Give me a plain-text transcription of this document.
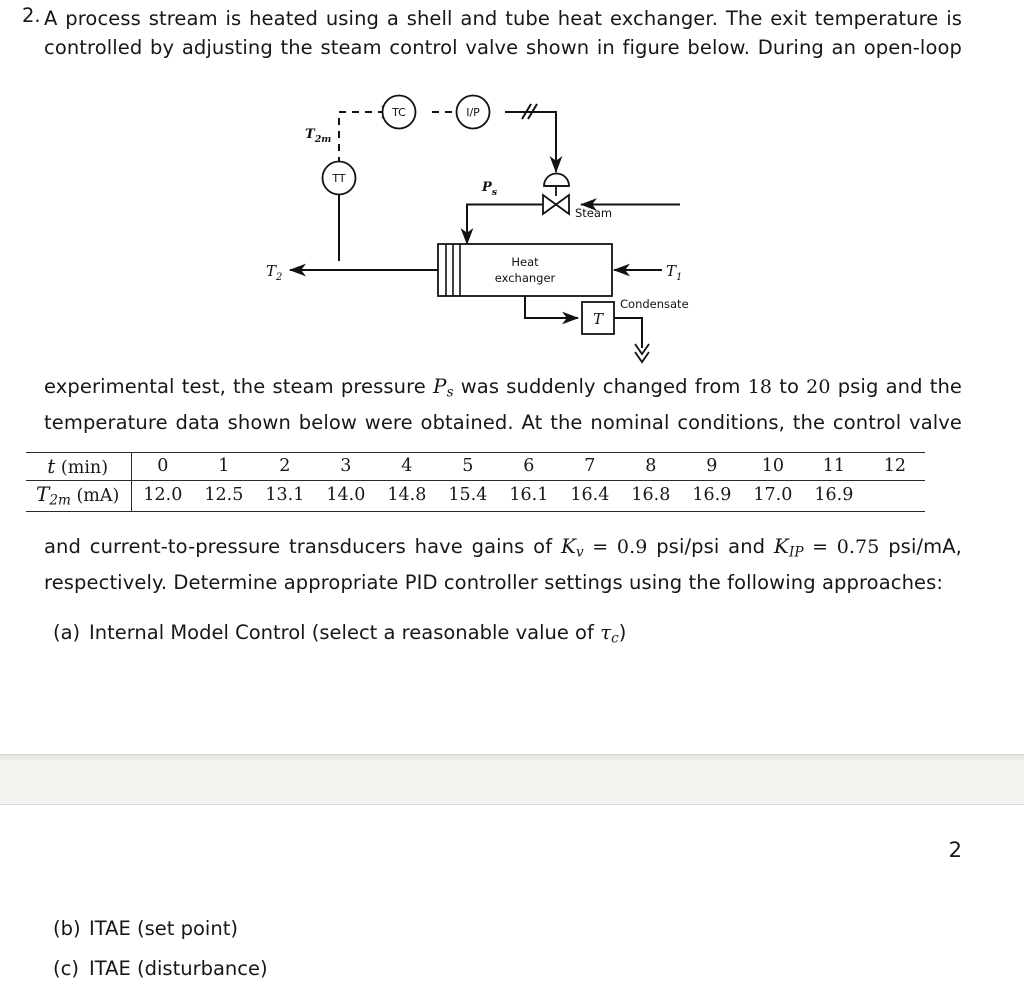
2. A process stream is heated using a shell and tube heat exchanger. The exit temperature is
controlled by adjusting the steam control valve shown in figure below. During an open-loop
TC	I/P
TT
T
$T_{2m}$
$T_2$	$T_1$
$P_s$
Steam
Condensate
Heat
exchanger
experimental test, the steam pressure $P_s$ was suddenly changed from 18 to 20 psig and the
temperature data shown below were obtained. At the nominal conditions, the control valve
t (min)	0	1	2	3	4	5	6	7	8	9	10	11	12
$T_{2m}$ (mA)	12.0	12.5	13.1	14.0	14.8	15.4	16.1	16.4	16.8	16.9	17.0	16.9	

and current-to-pressure transducers have gains of $K_v = 0.9$ psi/psi and $K_{IP} = 0.75$ psi/mA,
respectively. Determine appropriate PID controller settings using the following approaches:
(a) Internal Model Control (select a reasonable value of $\tau_c$)
2
(b) ITAE (set point)
(c) ITAE (disturbance)
